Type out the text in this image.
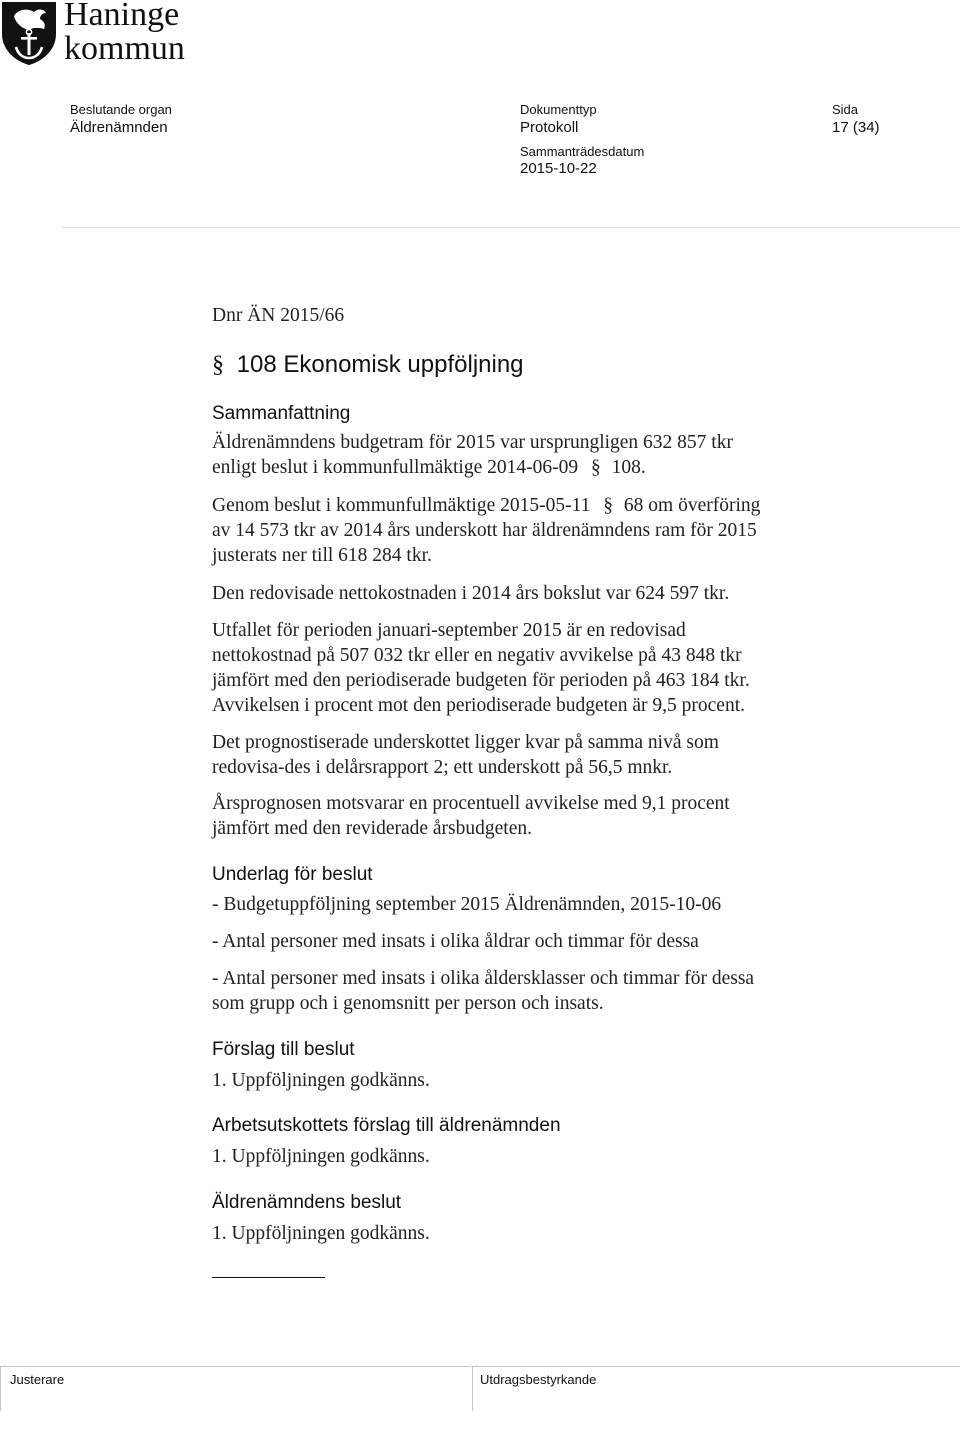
Haninge
kommun
Beslutande organ
Äldrenämnden
Dokumenttyp
Protokoll
Sida
17 (34)
Sammanträdesdatum
2015-10-22
Dnr ÄN 2015/66
§ 108 Ekonomisk uppföljning
Sammanfattning
Äldrenämndens budgetram för 2015 var ursprungligen 632 857 tkr
enligt beslut i kommunfullmäktige 2014-06-09 § 108.
Genom beslut i kommunfullmäktige 2015-05-11 § 68 om överföring
av 14 573 tkr av 2014 års underskott har äldrenämndens ram för 2015
justerats ner till 618 284 tkr.
Den redovisade nettokostnaden i 2014 års bokslut var 624 597 tkr.
Utfallet för perioden januari-september 2015 är en redovisad
nettokostnad på 507 032 tkr eller en negativ avvikelse på 43 848 tkr
jämfört med den periodiserade budgeten för perioden på 463 184 tkr.
Avvikelsen i procent mot den periodiserade budgeten är 9,5 procent.
Det prognostiserade underskottet ligger kvar på samma nivå som
redovisa-des i delårsrapport 2; ett underskott på 56,5 mnkr.
Årsprognosen motsvarar en procentuell avvikelse med 9,1 procent
jämfört med den reviderade årsbudgeten.
Underlag för beslut
- Budgetuppföljning september 2015 Äldrenämnden, 2015-10-06
- Antal personer med insats i olika åldrar och timmar för dessa
- Antal personer med insats i olika åldersklasser och timmar för dessa
som grupp och i genomsnitt per person och insats.
Förslag till beslut
1. Uppföljningen godkänns.
Arbetsutskottets förslag till äldrenämnden
1. Uppföljningen godkänns.
Äldrenämndens beslut
1. Uppföljningen godkänns.
Justerare	Utdragsbestyrkande
